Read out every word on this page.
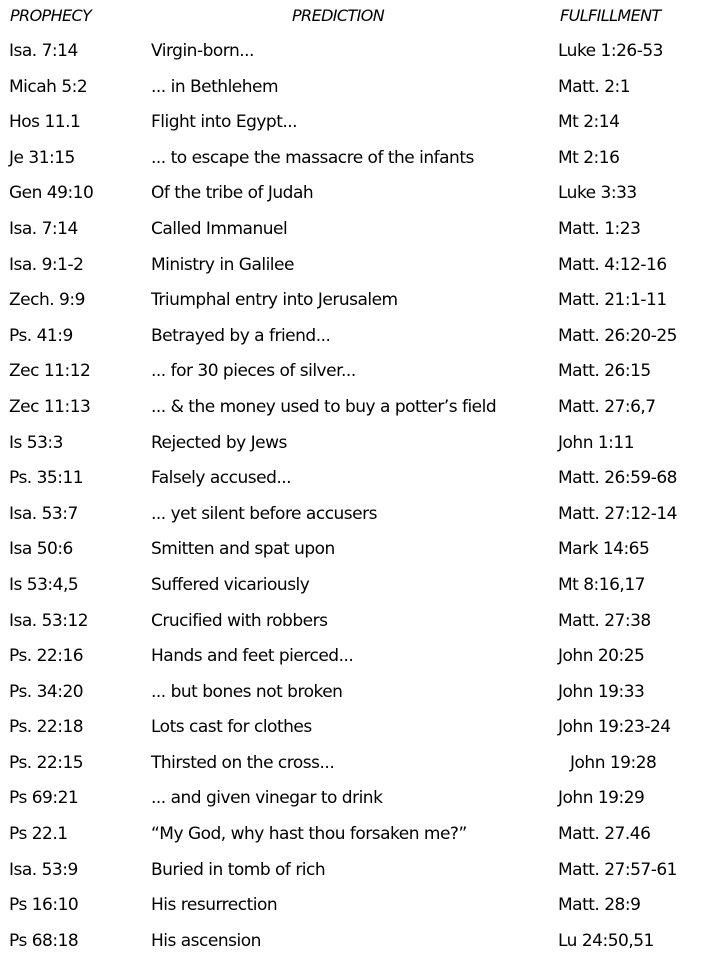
PROPHECY	PREDICTION	FULFILLMENT
Isa. 7:14	Virgin-born...	Luke 1:26-53
Micah 5:2	... in Bethlehem	Matt. 2:1
Hos 11.1	Flight into Egypt...	Mt 2:14
Je 31:15	... to escape the massacre of the infants	Mt 2:16
Gen 49:10	Of the tribe of Judah	Luke 3:33
Isa. 7:14	Called Immanuel	Matt. 1:23
Isa. 9:1-2	Ministry in Galilee	Matt. 4:12-16
Zech. 9:9	Triumphal entry into Jerusalem	Matt. 21:1-11
Ps. 41:9	Betrayed by a friend...	Matt. 26:20-25
Zec 11:12	... for 30 pieces of silver...	Matt. 26:15
Zec 11:13	... & the money used to buy a potter’s field	Matt. 27:6,7
Is 53:3	Rejected by Jews	John 1:11
Ps. 35:11	Falsely accused...	Matt. 26:59-68
Isa. 53:7	... yet silent before accusers	Matt. 27:12-14
Isa 50:6	Smitten and spat upon	Mark 14:65
Is 53:4,5	Suffered vicariously	Mt 8:16,17
Isa. 53:12	Crucified with robbers	Matt. 27:38
Ps. 22:16	Hands and feet pierced...	John 20:25
Ps. 34:20	... but bones not broken	John 19:33
Ps. 22:18	Lots cast for clothes	John 19:23-24
Ps. 22:15	Thirsted on the cross...	John 19:28
Ps 69:21	... and given vinegar to drink	John 19:29
Ps 22.1	“My God, why hast thou forsaken me?”	Matt. 27.46
Isa. 53:9	Buried in tomb of rich	Matt. 27:57-61
Ps 16:10	His resurrection	Matt. 28:9
Ps 68:18	His ascension	Lu 24:50,51
